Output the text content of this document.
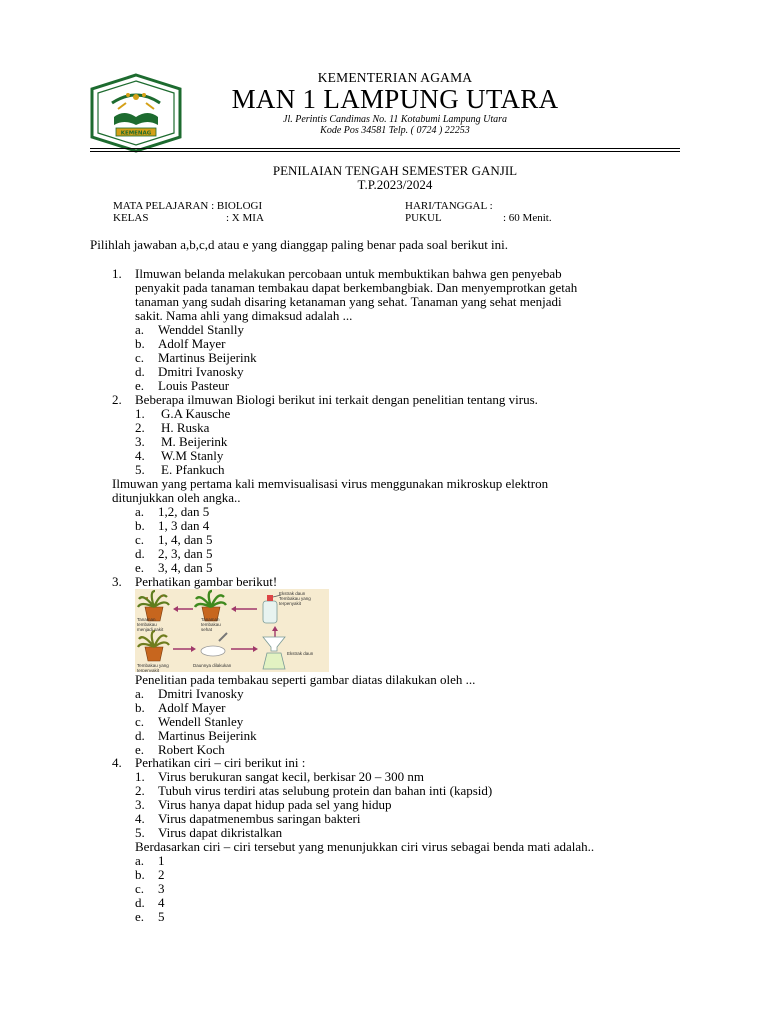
KEMENAG
KEMENTERIAN AGAMA
MAN 1 LAMPUNG UTARA
Jl. Perintis Candimas No. 11 Kotabumi Lampung Utara
Kode Pos 34581 Telp. ( 0724 ) 22253
PENILAIAN TENGAH SEMESTER GANJIL
T.P.2023/2024
MATA PELAJARAN : BIOLOGI
KELAS	: X MIA
HARI/TANGGAL :
PUKUL	: 60 Menit.
Pilihlah jawaban a,b,c,d atau e yang dianggap paling benar pada soal berikut ini.
1. Ilmuwan belanda melakukan percobaan untuk membuktikan bahwa gen penyebab
penyakit pada tanaman tembakau dapat berkembangbiak. Dan menyemprotkan getah
tanaman yang sudah disaring ketanaman yang sehat. Tanaman yang sehat menjadi
sakit. Nama ahli yang dimaksud adalah ...
a. Wenddel Stanlly
b. Adolf Mayer
c. Martinus Beijerink
d. Dmitri Ivanosky
e. Louis Pasteur
2. Beberapa ilmuwan Biologi berikut ini terkait dengan penelitian tentang virus.
1. G.A Kausche
2. H. Ruska
3. M. Beijerink
4. W.M Stanly
5. E. Pfankuch
Ilmuwan yang pertama kali memvisualisasi virus menggunakan mikroskup elektron
ditunjukkan oleh angka..
a. 1,2, dan 5
b. 1, 3 dan 4
c. 1, 4, dan 5
d. 2, 3, dan 5
e. 3, 4, dan 5
3. Perhatikan gambar berikut!
Tanaman tembakau menjadi sakit
Tanaman tembakau sehat
Ekstrak daun Tembakau yang terpenyakit
Ekstrak daun
Tembakau yang terpenyakit
Daunnya dilakukan
Penelitian pada tembakau seperti gambar diatas dilakukan oleh ...
a. Dmitri Ivanosky
b. Adolf Mayer
c. Wendell Stanley
d. Martinus Beijerink
e. Robert Koch
4. Perhatikan ciri – ciri berikut ini :
1. Virus berukuran sangat kecil, berkisar 20 – 300 nm
2. Tubuh virus terdiri atas selubung protein dan bahan inti (kapsid)
3. Virus hanya dapat hidup pada sel yang hidup
4. Virus dapatmenembus saringan bakteri
5. Virus dapat dikristalkan
Berdasarkan ciri – ciri tersebut yang menunjukkan ciri virus sebagai benda mati adalah..
a. 1
b. 2
c. 3
d. 4
e. 5
